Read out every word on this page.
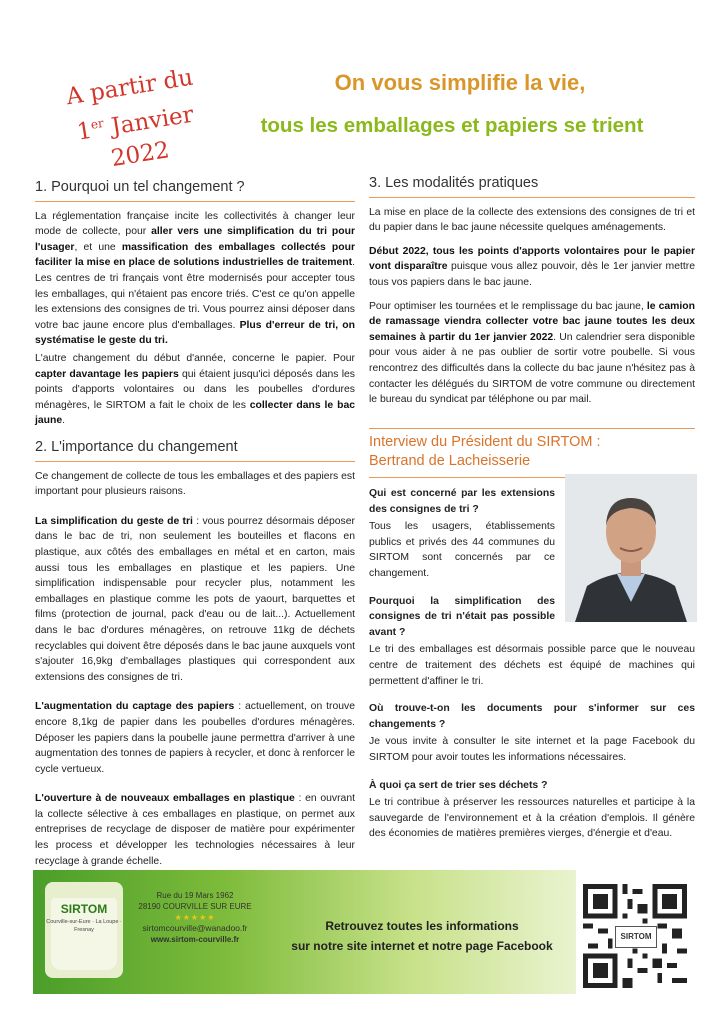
A partir du
1er Janvier 2022
On vous simplifie la vie,
tous les emballages et papiers se trient
1. Pourquoi un tel changement ?

La réglementation française incite les collectivités à changer leur mode de collecte, pour aller vers une simplification du tri pour l'usager, et une massification des emballages collectés pour faciliter la mise en place de solutions industrielles de traitement. Les centres de tri français vont être modernisés pour accepter tous les emballages, qui n'étaient pas encore triés. C'est ce qu'on appelle les extensions des consignes de tri. Vous pourrez ainsi déposer dans votre bac jaune encore plus d'emballages. Plus d'erreur de tri, on systématise le geste du tri.

L'autre changement du début d'année, concerne le papier. Pour capter davantage les papiers qui étaient jusqu'ici déposés dans les points d'apports volontaires ou dans les poubelles d'ordures ménagères, le SIRTOM a fait le choix de les collecter dans le bac jaune.

2. L'importance du changement

Ce changement de collecte de tous les emballages et des papiers est important pour plusieurs raisons.

La simplification du geste de tri : vous pourrez désormais déposer dans le bac de tri, non seulement les bouteilles et flacons en plastique, aux côtés des emballages en métal et en carton, mais aussi tous les emballages en plastique et les papiers. Une simplification indispensable pour recycler plus, notamment les emballages en plastique comme les pots de yaourt, barquettes et films (protection de journal, pack d'eau ou de lait...). Actuellement dans le bac d'ordures ménagères, on retrouve 11kg de déchets recyclables qui doivent être déposés dans le bac jaune auxquels vont s'ajouter 16,9kg d'emballages plastiques qui correspondent aux extensions des consignes de tri.

L'augmentation du captage des papiers : actuellement, on trouve encore 8,1kg de papier dans les poubelles d'ordures ménagères. Déposer les papiers dans la poubelle jaune permettra d'arriver à une augmentation des tonnes de papiers à recycler, et donc à renforcer le cycle vertueux.

L'ouverture à de nouveaux emballages en plastique : en ouvrant la collecte sélective à ces emballages en plastique, on permet aux entreprises de recyclage de disposer de matière pour expérimenter les process et développer les technologies nécessaires à leur recyclage à grande échelle.

3. Les modalités pratiques

La mise en place de la collecte des extensions des consignes de tri et du papier dans le bac jaune nécessite quelques aménagements.

Début 2022, tous les points d'apports volontaires pour le papier vont disparaître puisque vous allez pouvoir, dès le 1er janvier mettre tous vos papiers dans le bac jaune.

Pour optimiser les tournées et le remplissage du bac jaune, le camion de ramassage viendra collecter votre bac jaune toutes les deux semaines à partir du 1er janvier 2022. Un calendrier sera disponible pour vous aider à ne pas oublier de sortir votre poubelle. Si vous rencontrez des difficultés dans la collecte du bac jaune n'hésitez pas à contacter les délégués du SIRTOM de votre commune ou directement le bureau du syndicat par téléphone ou par mail.

Interview du Président du SIRTOM :
Bertrand de Lacheisserie

Qui est concerné par les extensions des consignes de tri ?

Tous les usagers, établissements publics et privés des 44 communes du SIRTOM sont concernés par ce changement.

Pourquoi la simplification des consignes de tri n'était pas possible avant ?

Le tri des emballages est désormais possible parce que le nouveau centre de traitement des déchets est équipé de machines qui permettent d'affiner le tri.

Où trouve-t-on les documents pour s'informer sur ces changements ?

Je vous invite à consulter le site internet et la page Facebook du SIRTOM pour avoir toutes les informations nécessaires.

À quoi ça sert de trier ses déchets ?

Le tri contribue à préserver les ressources naturelles et participe à la sauvegarde de l'environnement et à la création d'emplois. Il génère des économies de matières premières vierges, d'énergie et d'eau.

SIRTOM
Courville-sur-Eure · La Loupe · Fresnay
Rue du 19 Mars 1962
28190 COURVILLE SUR EURE
★★★★★
sirtomcourville@wanadoo.fr
www.sirtom-courville.fr
Retrouvez toutes les informations
sur notre site internet et notre page Facebook
SIRTOM
